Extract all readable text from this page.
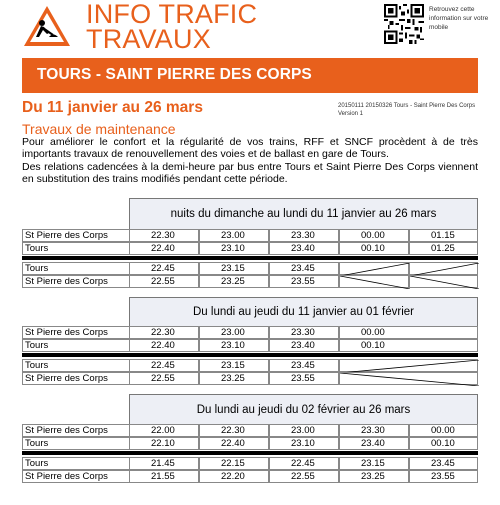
INFO TRAFIC
TRAVAUX
Retrouvez cette information sur votre mobile
TOURS - SAINT PIERRE DES CORPS
Du 11 janvier au 26 mars	20150111 20150326 Tours - Saint Pierre Des Corps
Version 1
Travaux de maintenance
Pour améliorer le confort et la régularité de vos trains, RFF et SNCF procèdent à de très importants travaux de renouvellement des voies et de ballast en gare de Tours.
Des relations cadencées à la demi-heure par bus entre Tours et Saint Pierre Des Corps viennent en substitution des trains modifiés pendant cette période.
nuits du dimanche au lundi du 11 janvier au 26 mars
St Pierre des Corps	22.30	23.00	23.30	00.00	01.15
Tours	22.40	23.10	23.40	00.10	01.25
Tours	22.45	23.15	23.45
St Pierre des Corps	22.55	23.25	23.55
Du lundi au jeudi du 11 janvier au 01 février
St Pierre des Corps	22.30	23.00	23.30	00.00
Tours	22.40	23.10	23.40	00.10
Tours	22.45	23.15	23.45
St Pierre des Corps	22.55	23.25	23.55
Du lundi au jeudi du 02 février au 26 mars
St Pierre des Corps	22.00	22.30	23.00	23.30	00.00
Tours	22.10	22.40	23.10	23.40	00.10
Tours	21.45	22.15	22.45	23.15	23.45
St Pierre des Corps	21.55	22.20	22.55	23.25	23.55
